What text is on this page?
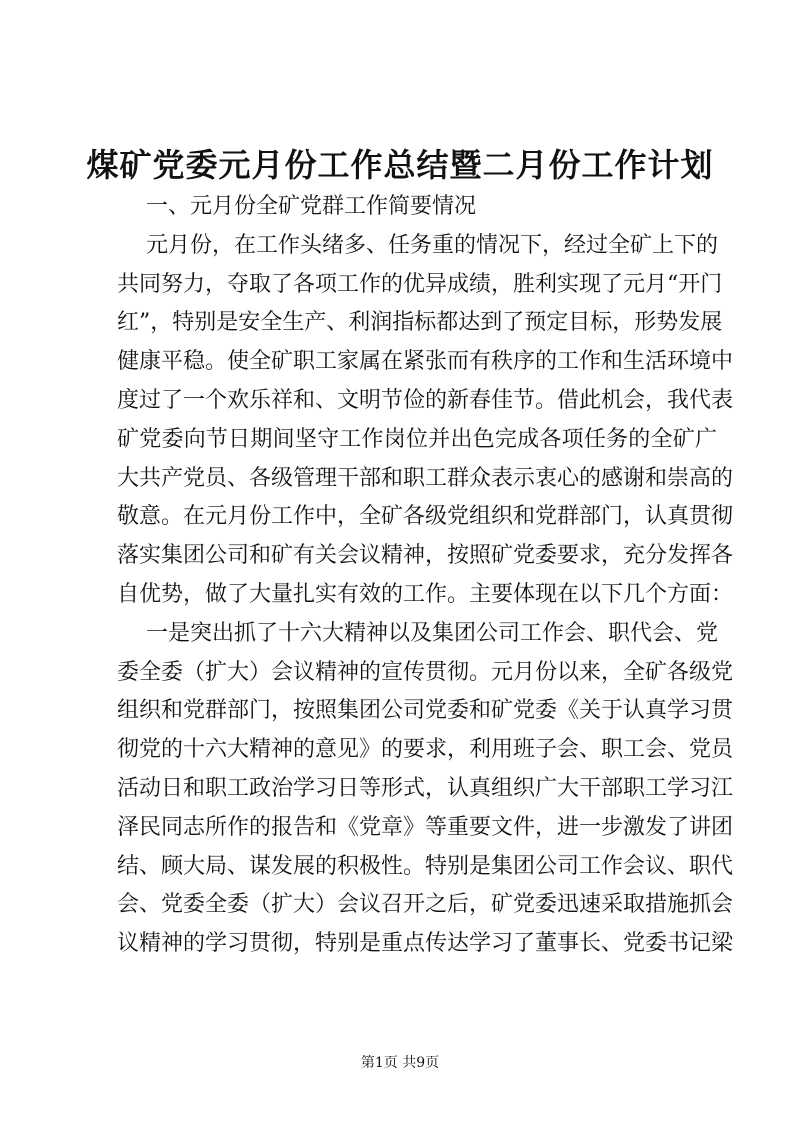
煤矿党委元月份工作总结暨二月份工作计划
一、元月份全矿党群工作简要情况
元月份，在工作头绪多、任务重的情况下，经过全矿上下的
共同努力，夺取了各项工作的优异成绩，胜利实现了元月“开门
红”，特别是安全生产、利润指标都达到了预定目标，形势发展
健康平稳。使全矿职工家属在紧张而有秩序的工作和生活环境中
度过了一个欢乐祥和、文明节俭的新春佳节。借此机会，我代表
矿党委向节日期间坚守工作岗位并出色完成各项任务的全矿广
大共产党员、各级管理干部和职工群众表示衷心的感谢和崇高的
敬意。在元月份工作中，全矿各级党组织和党群部门，认真贯彻
落实集团公司和矿有关会议精神，按照矿党委要求，充分发挥各
自优势，做了大量扎实有效的工作。主要体现在以下几个方面：
一是突出抓了十六大精神以及集团公司工作会、职代会、党
委全委（扩大）会议精神的宣传贯彻。元月份以来，全矿各级党
组织和党群部门，按照集团公司党委和矿党委《关于认真学习贯
彻党的十六大精神的意见》的要求，利用班子会、职工会、党员
活动日和职工政治学习日等形式，认真组织广大干部职工学习江
泽民同志所作的报告和《党章》等重要文件，进一步激发了讲团
结、顾大局、谋发展的积极性。特别是集团公司工作会议、职代
会、党委全委（扩大）会议召开之后，矿党委迅速采取措施抓会
议精神的学习贯彻，特别是重点传达学习了董事长、党委书记梁
第1页 共9页
